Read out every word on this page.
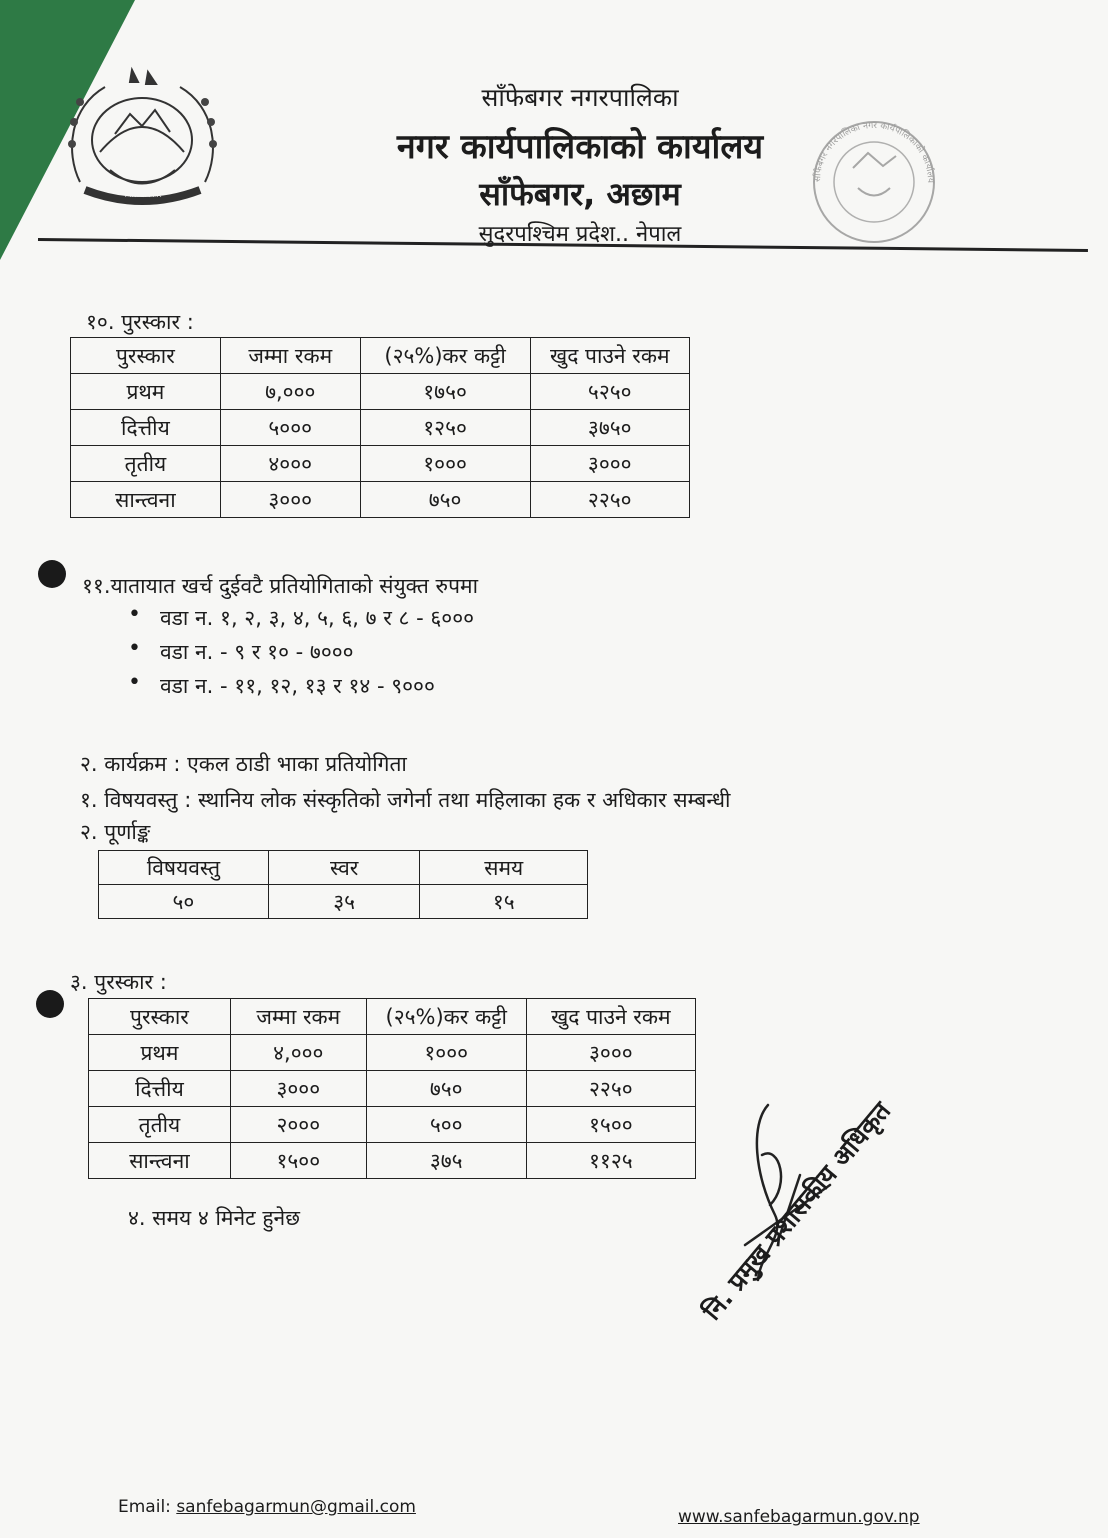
नेपाल सरकार
साँफेबगर नगरपालिका
नगर कार्यपालिकाको कार्यालय
साँफेबगर, अछाम
सुदरपश्चिम प्रदेश.. नेपाल
साँफेबगर नगरपालिका नगर कार्यपालिकाको कार्यालय
१०. पुरस्कार :
पुरस्कार	जम्मा रकम	(२५%)कर कट्टी	खुद पाउने रकम
प्रथम	७,०००	१७५०	५२५०
दित्तीय	५०००	१२५०	३७५०
तृतीय	४०००	१०००	३०००
सान्त्वना	३०००	७५०	२२५०
११.यातायात खर्च दुईवटै प्रतियोगिताको संयुक्त रुपमा
• वडा न. १, २, ३, ४, ५, ६, ७ र ८ - ६०००
• वडा न. - ९ र १० - ७०००
• वडा न. - ११, १२, १३ र १४ - ९०००
२. कार्यक्रम : एकल ठाडी भाका प्रतियोगिता
१. विषयवस्तु : स्थानिय लोक संस्कृतिको जगेर्ना तथा महिलाका हक र अधिकार सम्बन्धी
२. पूर्णाङ्क
विषयवस्तु	स्वर	समय
५०	३५	१५
३. पुरस्कार :
पुरस्कार	जम्मा रकम	(२५%)कर कट्टी	खुद पाउने रकम
प्रथम	४,०००	१०००	३०००
दित्तीय	३०००	७५०	२२५०
तृतीय	२०००	५००	१५००
सान्त्वना	१५००	३७५	११२५
४. समय ४ मिनेट हुनेछ	नि. प्रमुख प्रशासकीय अधिकृत
Email: sanfebagarmun@gmail.com	www.sanfebagarmun.gov.np
